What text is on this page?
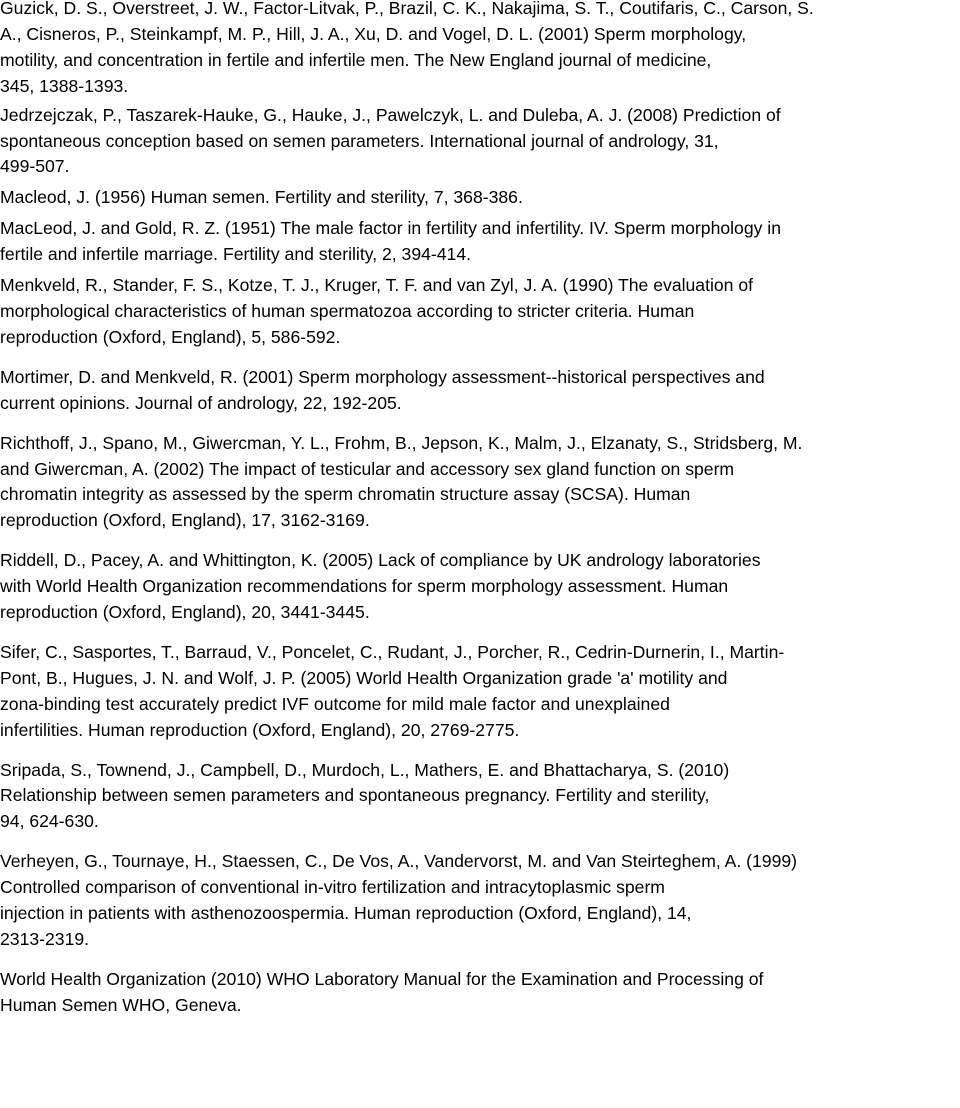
Guzick, D. S., Overstreet, J. W., Factor-Litvak, P., Brazil, C. K., Nakajima, S. T., Coutifaris, C., Carson, S.
A., Cisneros, P., Steinkampf, M. P., Hill, J. A., Xu, D. and Vogel, D. L. (2001) Sperm morphology,
motility, and concentration in fertile and infertile men. The New England journal of medicine,
345, 1388-1393.

Jedrzejczak, P., Taszarek-Hauke, G., Hauke, J., Pawelczyk, L. and Duleba, A. J. (2008) Prediction of
spontaneous conception based on semen parameters. International journal of andrology, 31,
499-507.

Macleod, J. (1956) Human semen. Fertility and sterility, 7, 368-386.

MacLeod, J. and Gold, R. Z. (1951) The male factor in fertility and infertility. IV. Sperm morphology in
fertile and infertile marriage. Fertility and sterility, 2, 394-414.

Menkveld, R., Stander, F. S., Kotze, T. J., Kruger, T. F. and van Zyl, J. A. (1990) The evaluation of
morphological characteristics of human spermatozoa according to stricter criteria. Human
reproduction (Oxford, England), 5, 586-592.

Mortimer, D. and Menkveld, R. (2001) Sperm morphology assessment--historical perspectives and
current opinions. Journal of andrology, 22, 192-205.

Richthoff, J., Spano, M., Giwercman, Y. L., Frohm, B., Jepson, K., Malm, J., Elzanaty, S., Stridsberg, M.
and Giwercman, A. (2002) The impact of testicular and accessory sex gland function on sperm
chromatin integrity as assessed by the sperm chromatin structure assay (SCSA). Human
reproduction (Oxford, England), 17, 3162-3169.

Riddell, D., Pacey, A. and Whittington, K. (2005) Lack of compliance by UK andrology laboratories
with World Health Organization recommendations for sperm morphology assessment. Human
reproduction (Oxford, England), 20, 3441-3445.

Sifer, C., Sasportes, T., Barraud, V., Poncelet, C., Rudant, J., Porcher, R., Cedrin-Durnerin, I., Martin-
Pont, B., Hugues, J. N. and Wolf, J. P. (2005) World Health Organization grade 'a' motility and
zona-binding test accurately predict IVF outcome for mild male factor and unexplained
infertilities. Human reproduction (Oxford, England), 20, 2769-2775.

Sripada, S., Townend, J., Campbell, D., Murdoch, L., Mathers, E. and Bhattacharya, S. (2010)
Relationship between semen parameters and spontaneous pregnancy. Fertility and sterility,
94, 624-630.

Verheyen, G., Tournaye, H., Staessen, C., De Vos, A., Vandervorst, M. and Van Steirteghem, A. (1999)
Controlled comparison of conventional in-vitro fertilization and intracytoplasmic sperm
injection in patients with asthenozoospermia. Human reproduction (Oxford, England), 14,
2313-2319.

World Health Organization (2010) WHO Laboratory Manual for the Examination and Processing of
Human Semen WHO, Geneva.
